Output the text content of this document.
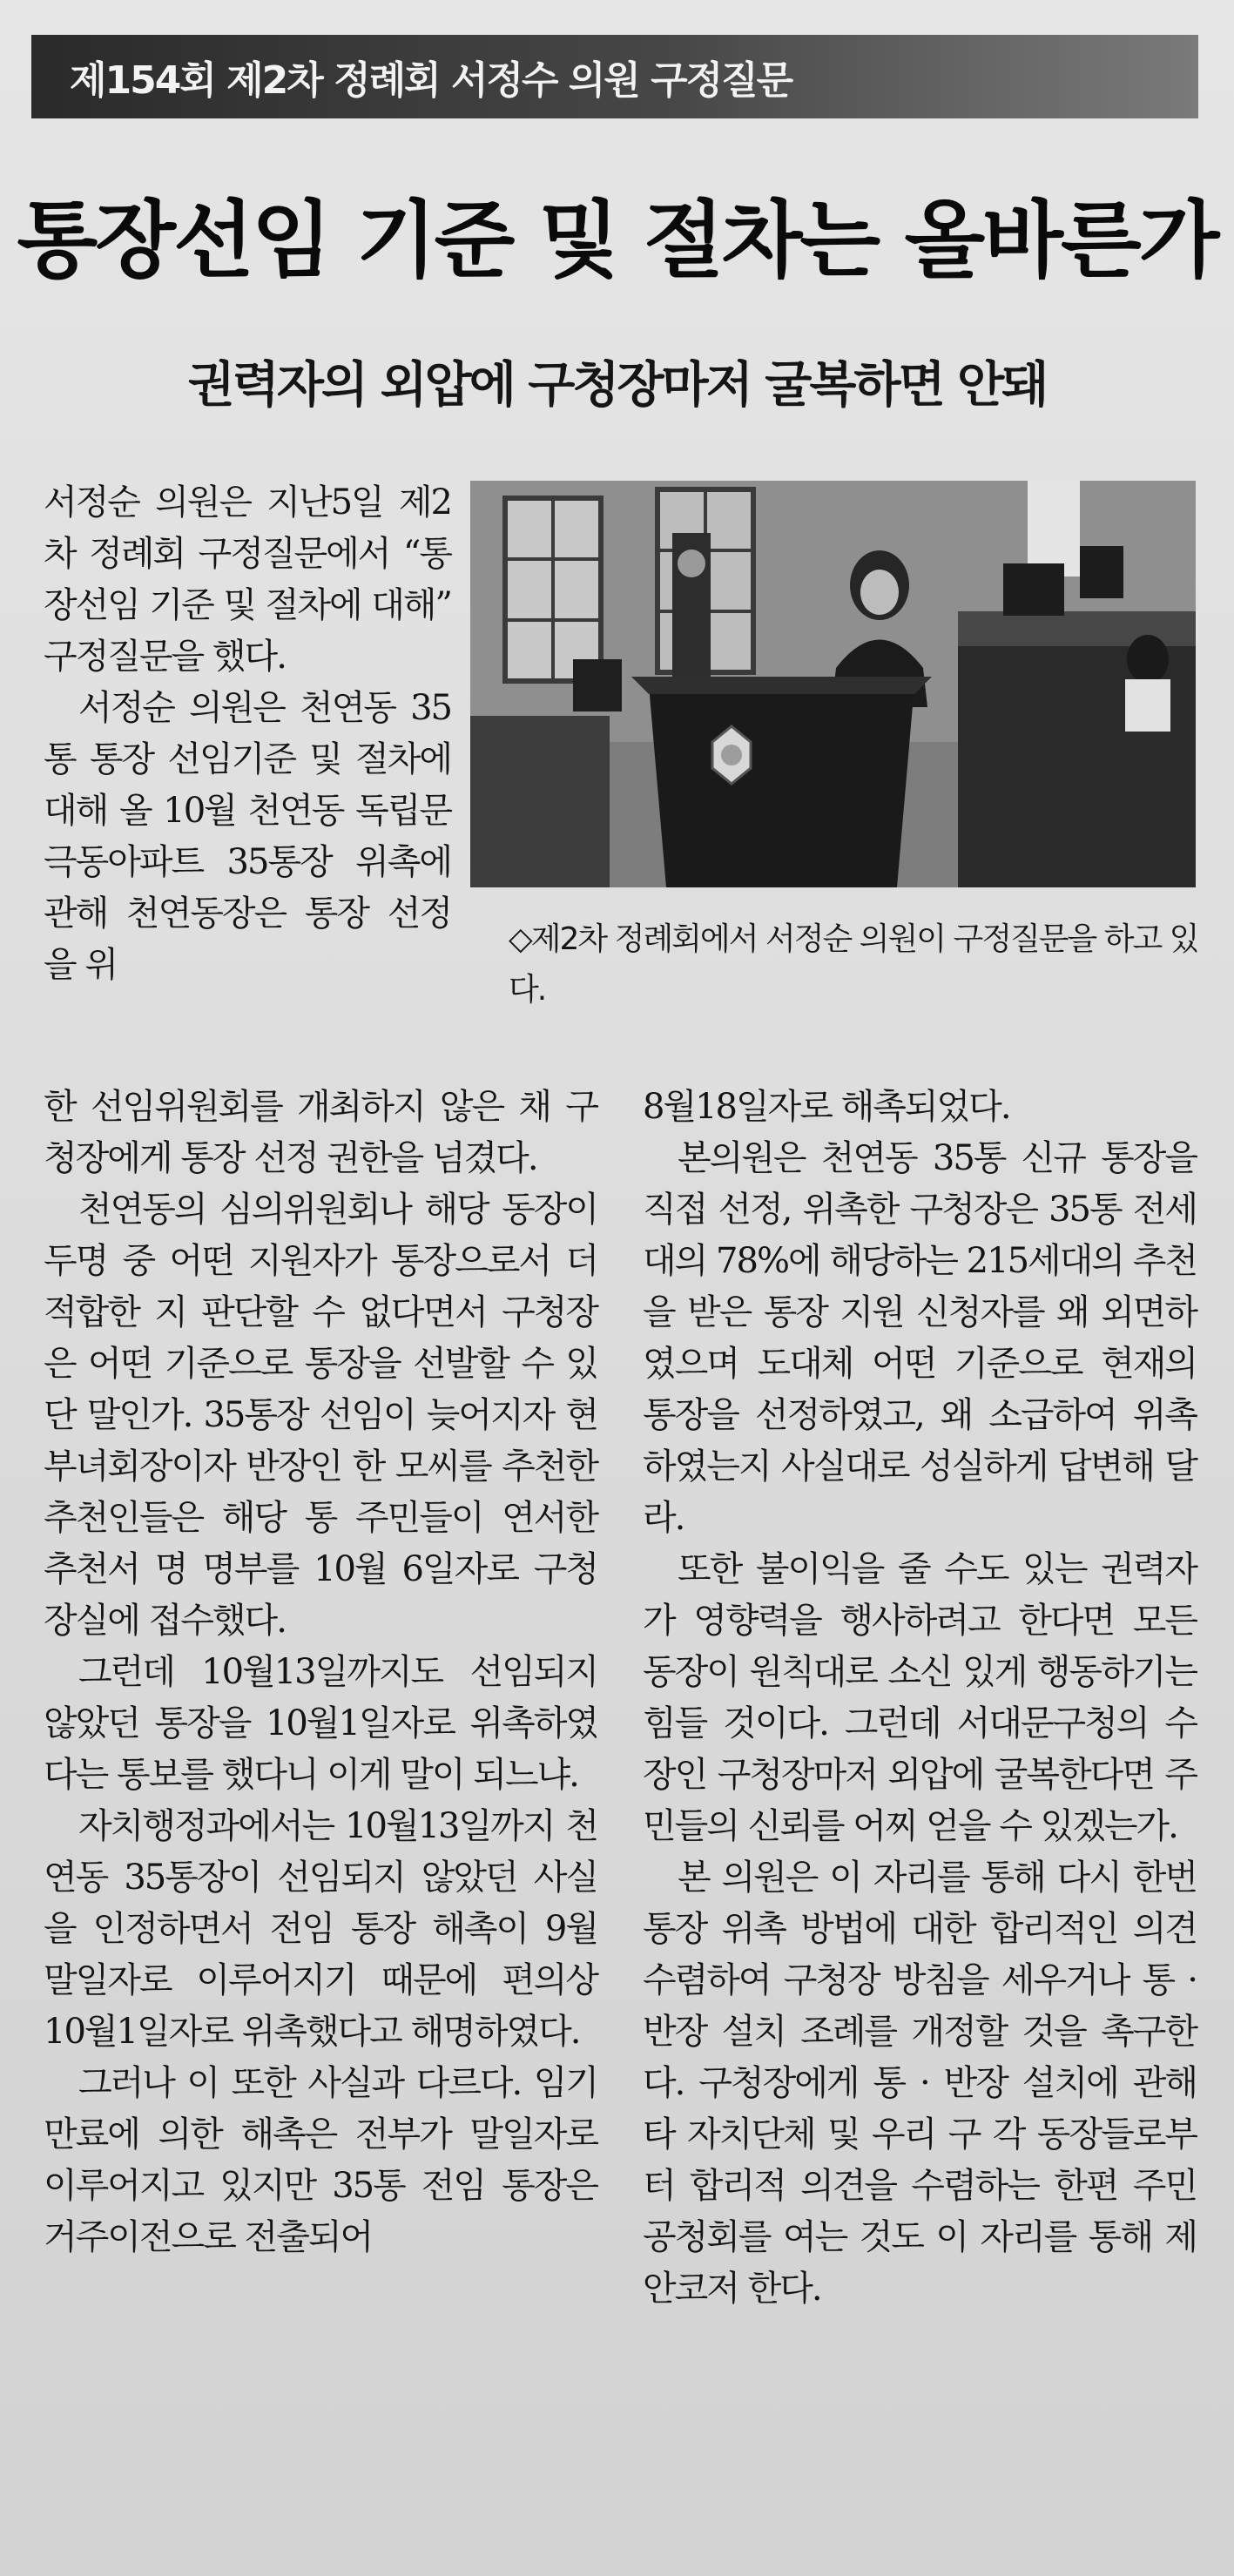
제154회 제2차 정례회 서정수 의원 구정질문
통장선임 기준 및 절차는 올바른가
권력자의 외압에 구청장마저 굴복하면 안돼

서정순 의원은 지난5일 제2차 정례회 구정질문에서 “통장선임 기준 및 절차에 대해” 구정질문을 했다.

서정순 의원은 천연동 35통 통장 선임기준 및 절차에 대해 올 10월 천연동 독립문 극동아파트 35통장 위촉에 관해 천연동장은 통장 선정을 위

◇제2차 정례회에서 서정순 의원이 구정질문을 하고 있다.

한 선임위원회를 개최하지 않은 채 구청장에게 통장 선정 권한을 넘겼다.

천연동의 심의위원회나 해당 동장이 두명 중 어떤 지원자가 통장으로서 더 적합한 지 판단할 수 없다면서 구청장은 어떤 기준으로 통장을 선발할 수 있단 말인가. 35통장 선임이 늦어지자 현 부녀회장이자 반장인 한 모씨를 추천한 추천인들은 해당 통 주민들이 연서한 추천서 명 명부를 10월 6일자로 구청장실에 접수했다.

그런데 10월13일까지도 선임되지 않았던 통장을 10월1일자로 위촉하였다는 통보를 했다니 이게 말이 되느냐.

자치행정과에서는 10월13일까지 천연동 35통장이 선임되지 않았던 사실을 인정하면서 전임 통장 해촉이 9월 말일자로 이루어지기 때문에 편의상 10월1일자로 위촉했다고 해명하였다.

그러나 이 또한 사실과 다르다. 임기만료에 의한 해촉은 전부가 말일자로 이루어지고 있지만 35통 전임 통장은 거주이전으로 전출되어

8월18일자로 해촉되었다.

본의원은 천연동 35통 신규 통장을 직접 선정, 위촉한 구청장은 35통 전세대의 78%에 해당하는 215세대의 추천을 받은 통장 지원 신청자를 왜 외면하였으며 도대체 어떤 기준으로 현재의 통장을 선정하였고, 왜 소급하여 위촉하였는지 사실대로 성실하게 답변해 달라.

또한 불이익을 줄 수도 있는 권력자가 영향력을 행사하려고 한다면 모든 동장이 원칙대로 소신 있게 행동하기는 힘들 것이다. 그런데 서대문구청의 수장인 구청장마저 외압에 굴복한다면 주민들의 신뢰를 어찌 얻을 수 있겠는가.

본 의원은 이 자리를 통해 다시 한번 통장 위촉 방법에 대한 합리적인 의견 수렴하여 구청장 방침을 세우거나 통 · 반장 설치 조례를 개정할 것을 촉구한다. 구청장에게 통 · 반장 설치에 관해 타 자치단체 및 우리 구 각 동장들로부터 합리적 의견을 수렴하는 한편 주민 공청회를 여는 것도 이 자리를 통해 제안코저 한다.
